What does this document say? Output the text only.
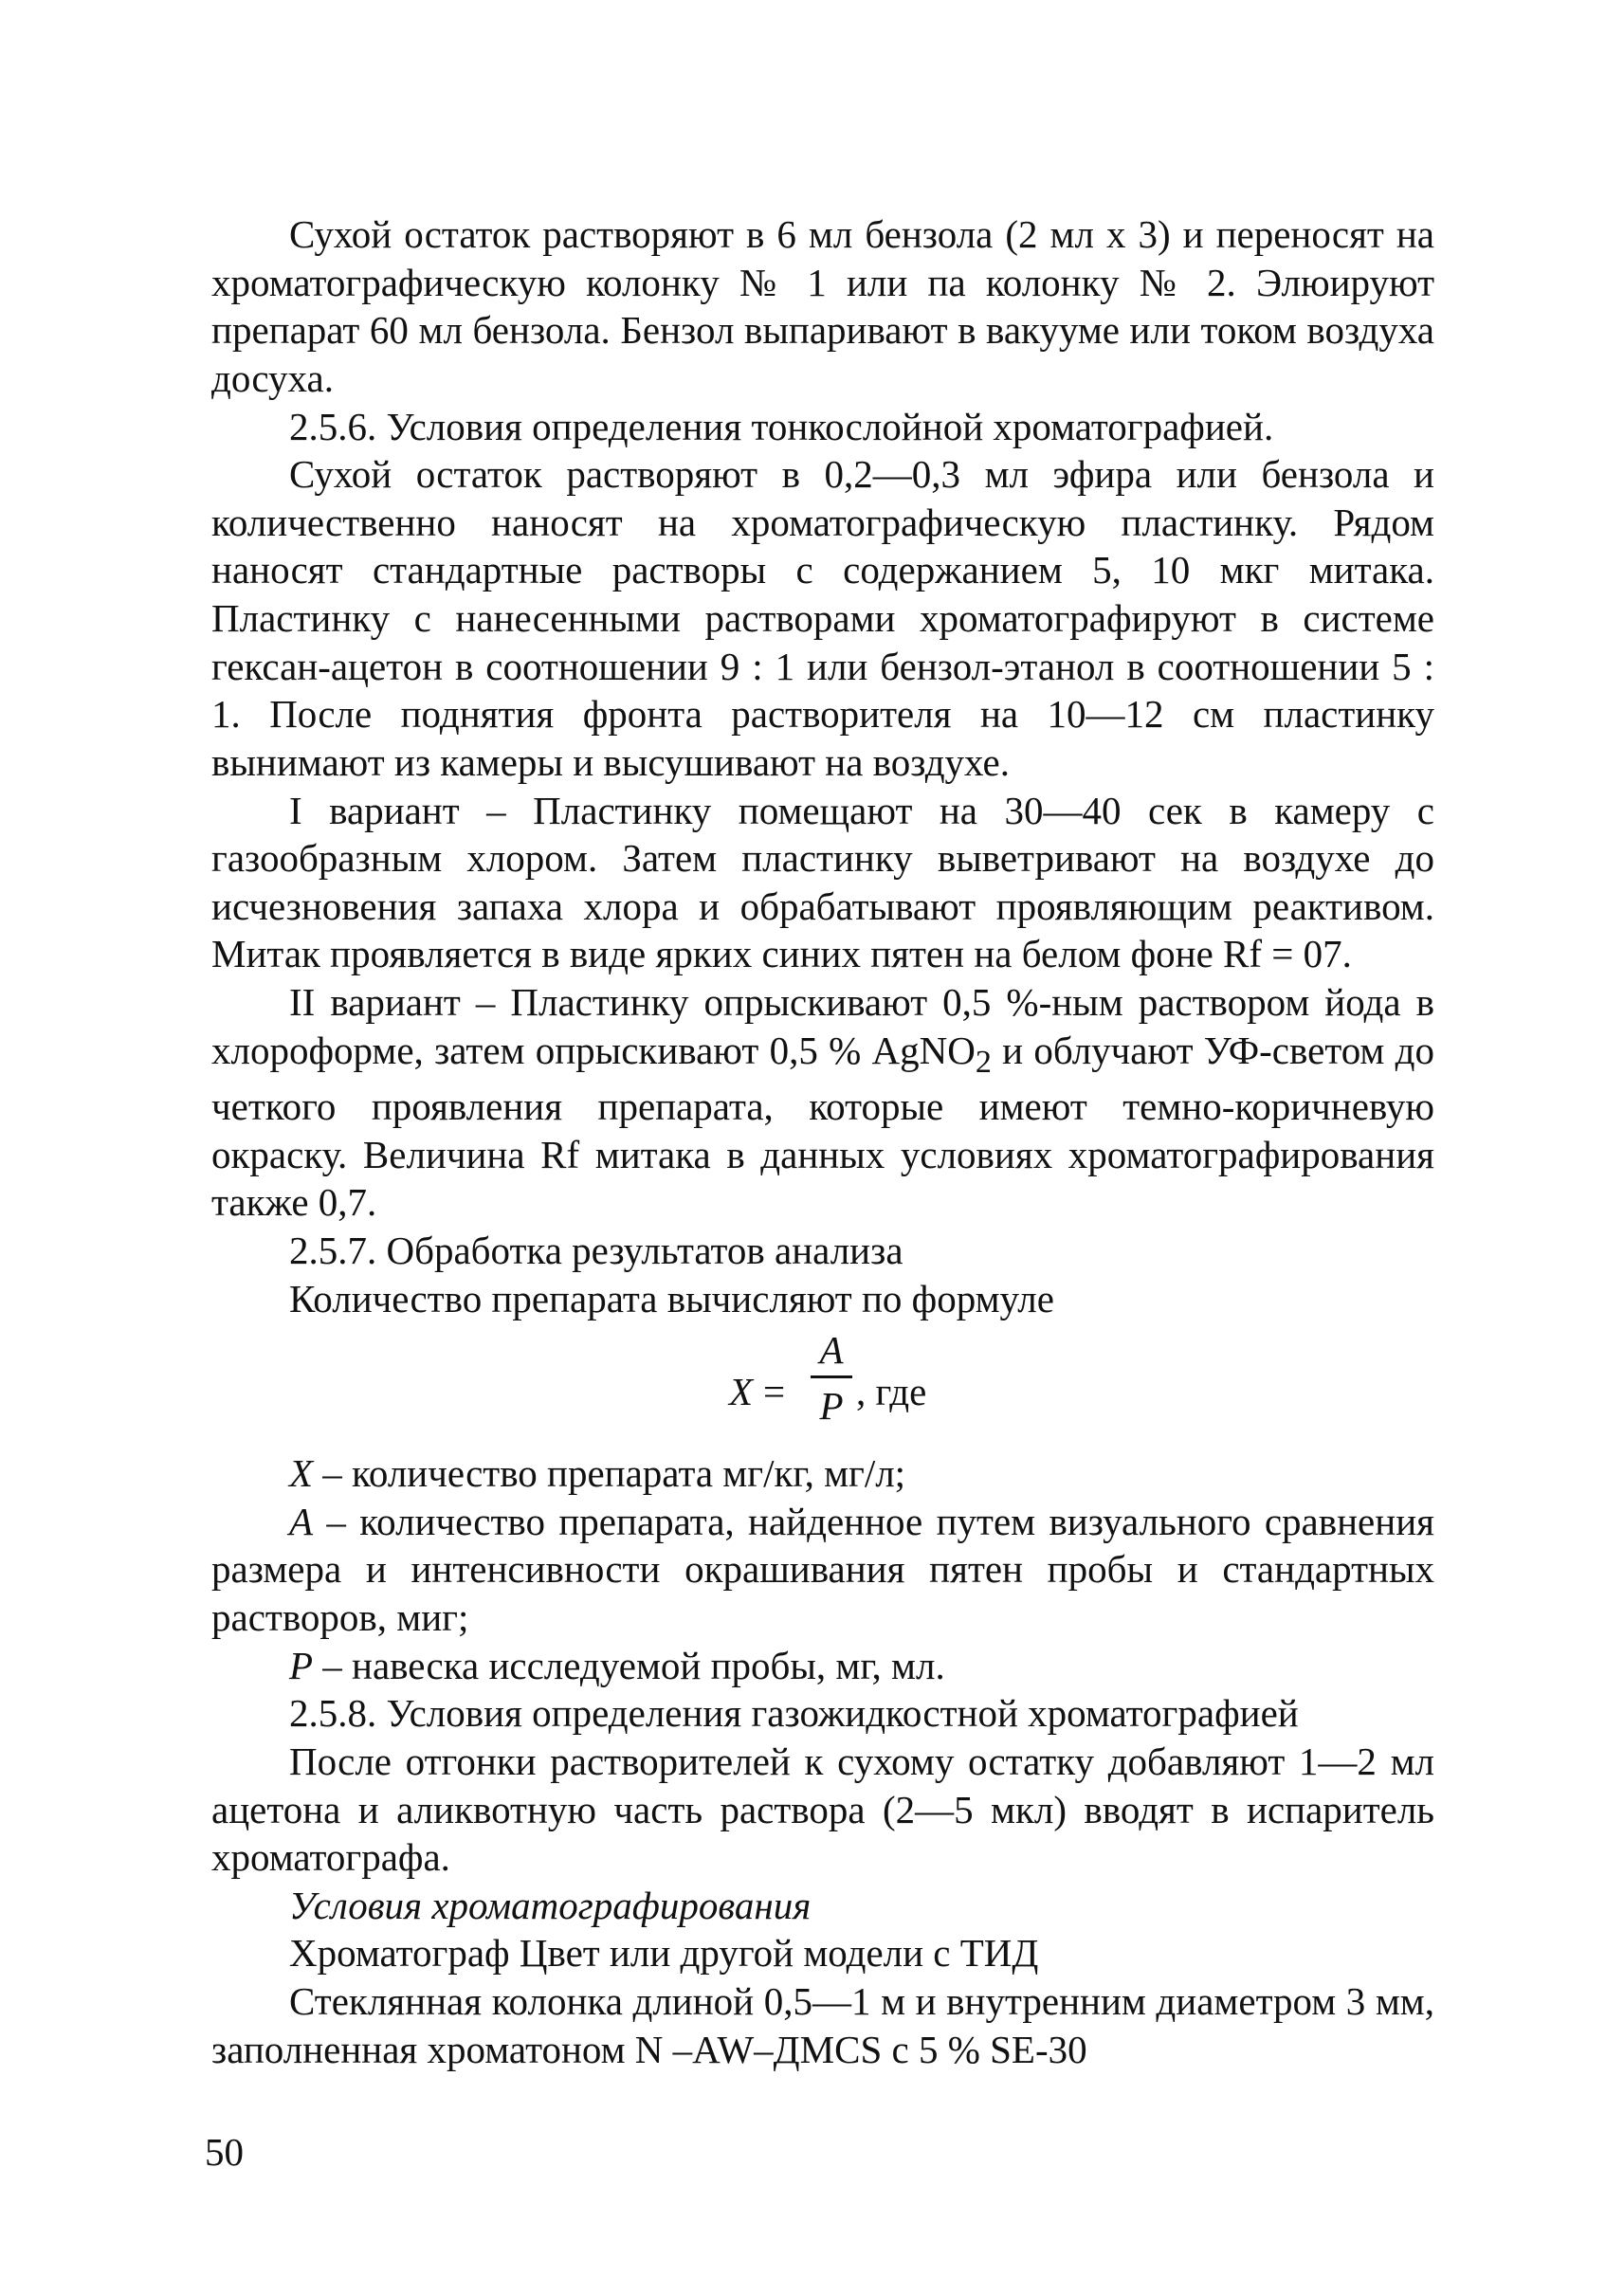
Сухой остаток растворяют в 6 мл бензола (2 мл х 3) и переносят на хроматографическую колонку № 1 или па колонку № 2. Элюируют препарат 60 мл бензола. Бензол выпаривают в вакууме или током воздуха досуха.

2.5.6. Условия определения тонкослойной хроматографией.

Сухой остаток растворяют в 0,2—0,3 мл эфира или бензола и количественно наносят на хроматографическую пластинку. Рядом наносят стандартные растворы с содержанием 5, 10 мкг митака. Пластинку с нанесенными растворами хроматографируют в системе гексан-ацетон в соотношении 9 : 1 или бензол-этанол в соотношении 5 : 1. После поднятия фронта растворителя на 10—12 см пластинку вынимают из камеры и высушивают на воздухе.

I вариант – Пластинку помещают на 30—40 сек в камеру с газообразным хлором. Затем пластинку выветривают на воздухе до исчезновения запаха хлора и обрабатывают проявляющим реактивом. Митак проявляется в виде ярких синих пятен на белом фоне Rf = 07.

II вариант – Пластинку опрыскивают 0,5 %-ным раствором йода в хлороформе, затем опрыскивают 0,5 % AgNO$_2$ и облучают УФ-светом до четкого проявления препарата, которые имеют темно-коричневую окраску. Величина Rf митака в данных условиях хроматографирования также 0,7.

2.5.7. Обработка результатов анализа

Количество препарата вычисляют по формуле

X =
A
P , где

X – количество препарата мг/кг, мг/л;

A – количество препарата, найденное путем визуального сравнения размера и интенсивности окрашивания пятен пробы и стандартных растворов, миг;

P – навеска исследуемой пробы, мг, мл.

2.5.8. Условия определения газожидкостной хроматографией

После отгонки растворителей к сухому остатку добавляют 1—2 мл ацетона и аликвотную часть раствора (2—5 мкл) вводят в испаритель хроматографа.

Условия хроматографирования

Хроматограф Цвет или другой модели с ТИД

Стеклянная колонка длиной 0,5—1 м и внутренним диаметром 3 мм, заполненная хроматоном N –AW–ДМCS с 5 % SE-30

50
